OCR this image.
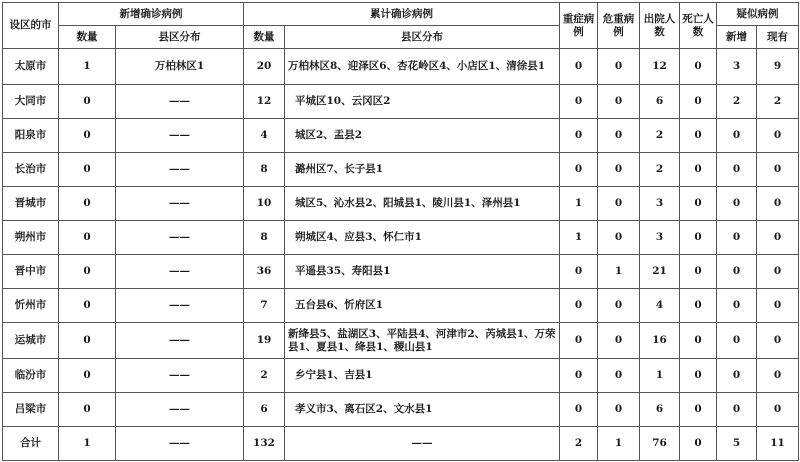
设区的市	新增确诊病例		累计确诊病例		重症病例	危重病例	出院人数	死亡人数	疑似病例	
	数量	县区分布	数量	县区分布					新增	现有
太原市	1	万柏林区1	20	万柏林区8、迎泽区6、杏花岭区4、小店区1、清徐县1	0	0	12	0	3	9
大同市	0	——	12	平城区10、云冈区2	0	0	6	0	2	2
阳泉市	0	——	4	城区2、盂县2	0	0	2	0	0	0
长治市	0	——	8	潞州区7、长子县1	0	0	2	0	0	0
晋城市	0	——	10	城区5、沁水县2、阳城县1、陵川县1、泽州县1	1	0	3	0	0	0
朔州市	0	——	8	朔城区4、应县3、怀仁市1	1	0	3	0	0	0
晋中市	0	——	36	平遥县35、寿阳县1	0	1	21	0	0	0
忻州市	0	——	7	五台县6、忻府区1	0	0	4	0	0	0
运城市	0	——	19	新绛县5、盐湖区3、平陆县4、河津市2、芮城县1、万荣县1、夏县1、绛县1、稷山县1	0	0	16	0	0	0
临汾市	0	——	2	乡宁县1、吉县1	0	0	1	0	0	0
吕梁市	0	——	6	孝义市3、离石区2、文水县1	0	0	6	0	0	0
合计	1	——	132	——	2	1	76	0	5	11
